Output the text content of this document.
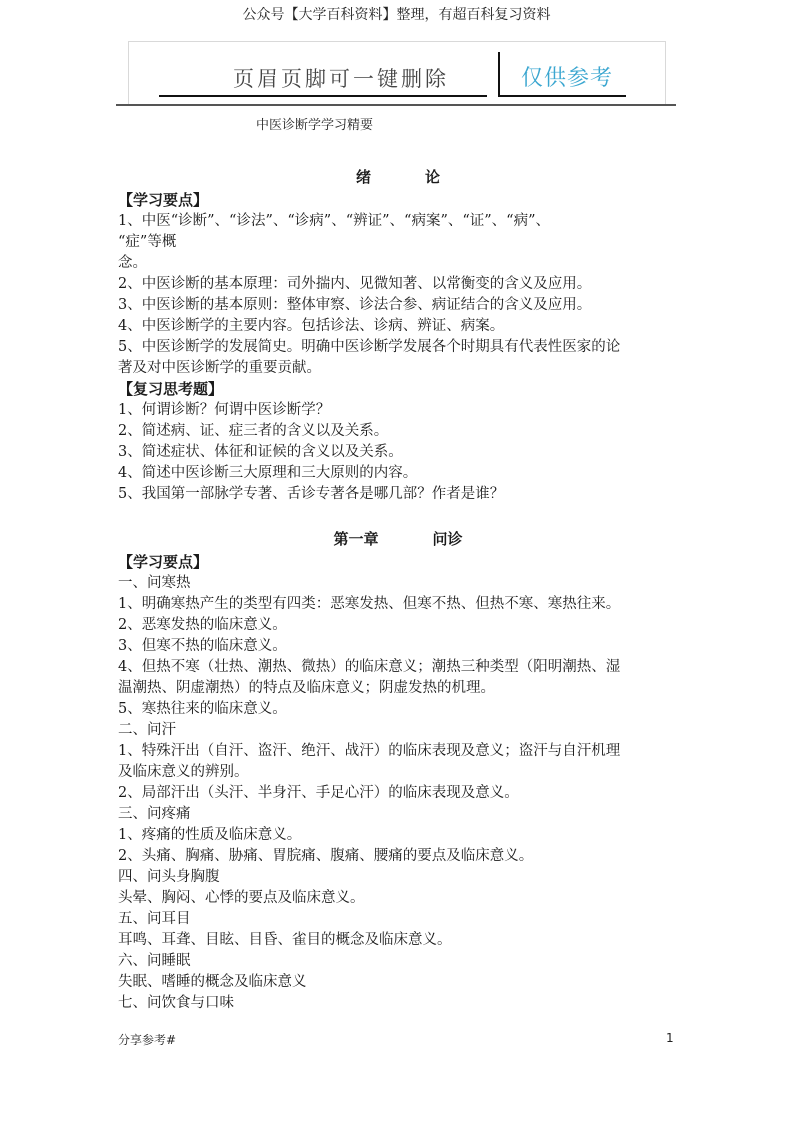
公众号【大学百科资料】整理，有超百科复习资料
页眉页脚可一键删除	仅供参考
中医诊断学学习精要

绪	论

【学习要点】

1、中医“诊断”、“诊法”、“诊病”、“辨证”、“病案”、“证”、“病”、

“症”等概

念。

2、中医诊断的基本原理：司外揣内、见微知著、以常衡变的含义及应用。

3、中医诊断的基本原则：整体审察、诊法合参、病证结合的含义及应用。

4、中医诊断学的主要内容。包括诊法、诊病、辨证、病案。

5、中医诊断学的发展简史。明确中医诊断学发展各个时期具有代表性医家的论

著及对中医诊断学的重要贡献。

【复习思考题】

1、何谓诊断？何谓中医诊断学？

2、简述病、证、症三者的含义以及关系。

3、简述症状、体征和证候的含义以及关系。

4、简述中医诊断三大原理和三大原则的内容。

5、我国第一部脉学专著、舌诊专著各是哪几部？作者是谁？

第一章	问诊

【学习要点】

一、问寒热

1、明确寒热产生的类型有四类：恶寒发热、但寒不热、但热不寒、寒热往来。

2、恶寒发热的临床意义。

3、但寒不热的临床意义。

4、但热不寒（壮热、潮热、微热）的临床意义；潮热三种类型（阳明潮热、湿

温潮热、阴虚潮热）的特点及临床意义；阴虚发热的机理。

5、寒热往来的临床意义。

二、问汗

1、特殊汗出（自汗、盗汗、绝汗、战汗）的临床表现及意义；盗汗与自汗机理

及临床意义的辨别。

2、局部汗出（头汗、半身汗、手足心汗）的临床表现及意义。

三、问疼痛

1、疼痛的性质及临床意义。

2、头痛、胸痛、胁痛、胃脘痛、腹痛、腰痛的要点及临床意义。

四、问头身胸腹

头晕、胸闷、心悸的要点及临床意义。

五、问耳目

耳鸣、耳聋、目眩、目昏、雀目的概念及临床意义。

六、问睡眠

失眠、嗜睡的概念及临床意义

七、问饮食与口味

分享参考#	1
